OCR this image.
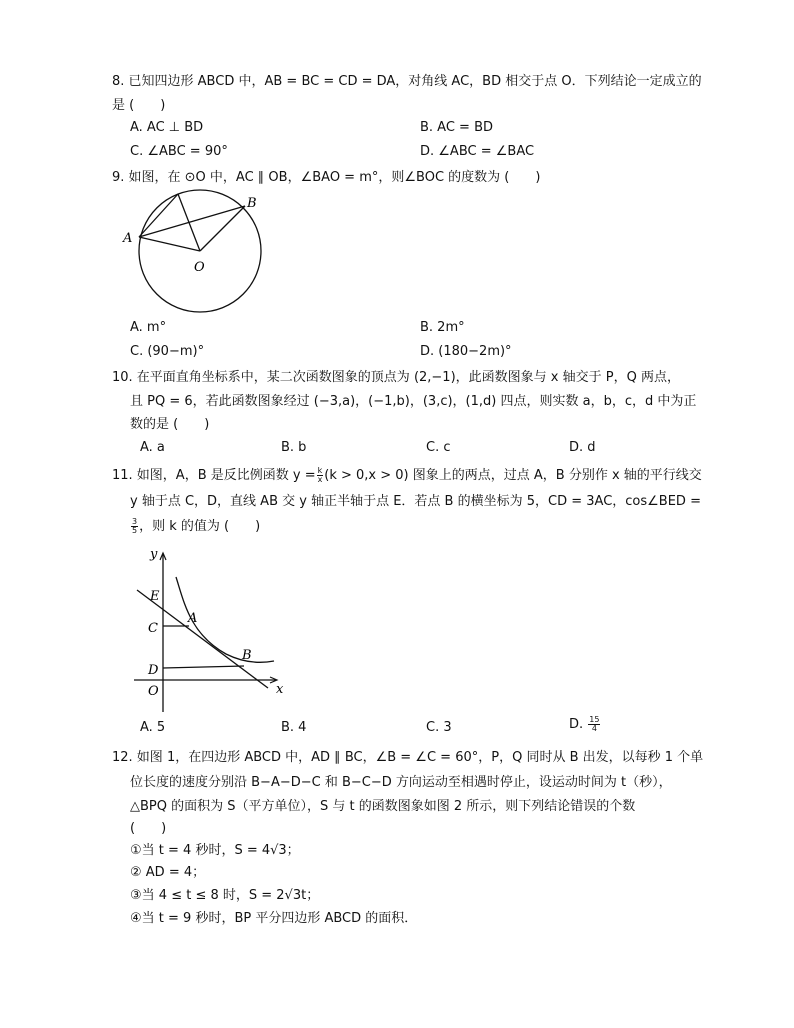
8. 已知四边形 ABCD 中，AB = BC = CD = DA，对角线 AC，BD 相交于点 O．下列结论一定成立的
是 (　　)
A. AC ⊥ BD	B. AC = BD
C. ∠ABC = 90°	D. ∠ABC = ∠BAC
9. 如图，在 ⊙O 中，AC ∥ OB，∠BAO = m°，则∠BOC 的度数为 (　　)
A
B
O
A. m°	B. 2m°
C. (90−m)°	D. (180−2m)°
10. 在平面直角坐标系中，某二次函数图象的顶点为 (2,−1)，此函数图象与 x 轴交于 P，Q 两点，
且 PQ = 6，若此函数图象经过 (−3,a)，(−1,b)，(3,c)，(1,d) 四点，则实数 a，b，c，d 中为正
数的是 (　　)
A. a	B. b	C. c	D. d
11. 如图，A，B 是反比例函数 $y = \frac{k}{x} (k > 0,x > 0)$ 图象上的两点，过点 A，B 分别作 x 轴的平行线交
y 轴于点 C，D，直线 AB 交 y 轴正半轴于点 E．若点 B 的横坐标为 5，CD = 3AC，cos∠BED =
$\frac{3}{5}$ ，则 k 的值为 (　　)
y
E
C
A
D
B
O	x
A. 5	B. 4	C. 3	D. $\frac{15}{4}$
12. 如图 1，在四边形 ABCD 中，AD ∥ BC，∠B = ∠C = 60°，P，Q 同时从 B 出发，以每秒 1 个单
位长度的速度分别沿 B−A−D−C 和 B−C−D 方向运动至相遇时停止，设运动时间为 t（秒），
△BPQ 的面积为 S（平方单位），S 与 t 的函数图象如图 2 所示，则下列结论错误的个数
(　　)
①当 t = 4 秒时，S = 4√3；
② AD = 4；
③当 4 ≤ t ≤ 8 时，S = 2√3t；
④当 t = 9 秒时，BP 平分四边形 ABCD 的面积．
